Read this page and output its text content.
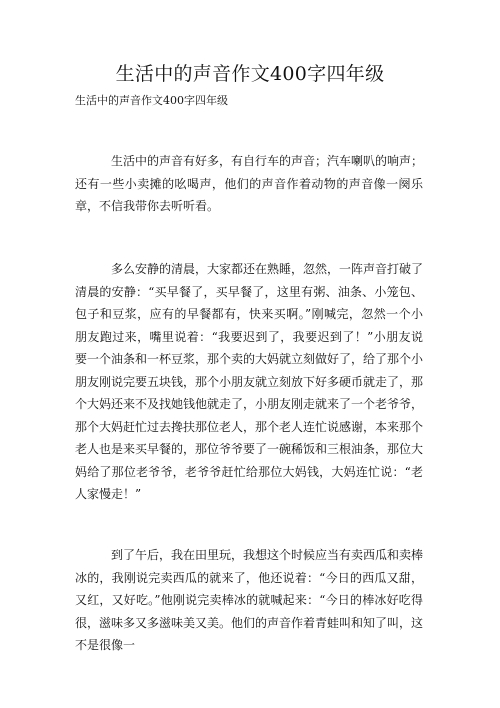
生活中的声音作文400字四年级

生活中的声音作文400字四年级

生活中的声音有好多，有自行车的声音；汽车喇叭的响声；还有一些小卖摊的吆喝声，他们的声音作着动物的声音像一阕乐章，不信我带你去听听看。

多么安静的清晨，大家都还在熟睡，忽然，一阵声音打破了清晨的安静：“买早餐了，买早餐了，这里有粥、油条、小笼包、包子和豆浆，应有的早餐都有，快来买啊。”刚喊完，忽然一个小朋友跑过来，嘴里说着：“我要迟到了，我要迟到了！”小朋友说要一个油条和一杯豆浆，那个卖的大妈就立刻做好了，给了那个小朋友刚说完要五块钱，那个小朋友就立刻放下好多硬币就走了，那个大妈还来不及找她钱他就走了，小朋友刚走就来了一个老爷爷，那个大妈赶忙过去搀扶那位老人，那个老人连忙说感谢，本来那个老人也是来买早餐的，那位爷爷要了一碗稀饭和三根油条，那位大妈给了那位老爷爷，老爷爷赶忙给那位大妈钱，大妈连忙说：“老人家慢走！”

到了午后，我在田里玩，我想这个时候应当有卖西瓜和卖棒冰的，我刚说完卖西瓜的就来了，他还说着：“今日的西瓜又甜，又红，又好吃。”他刚说完卖棒冰的就喊起来：“今日的棒冰好吃得很，滋味多又多滋味美又美。他们的声音作着青蛙叫和知了叫，这不是很像一
